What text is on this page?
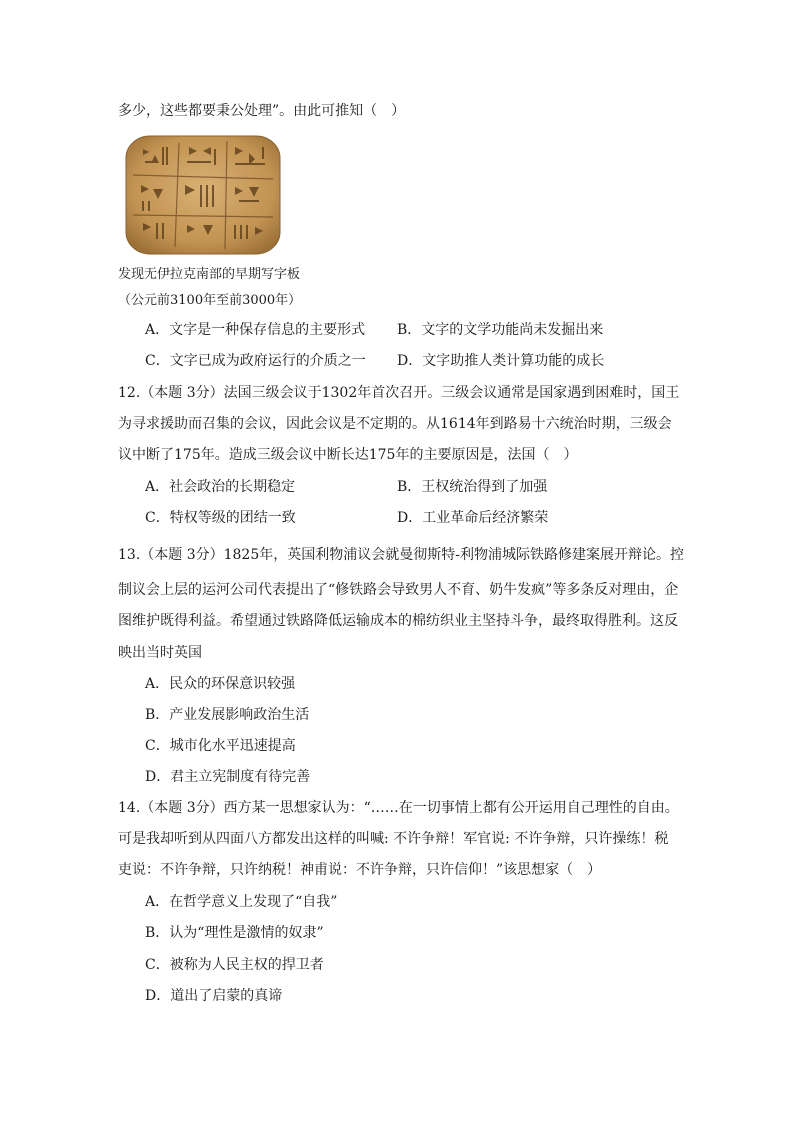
多少，这些都要秉公处理”。由此可推知（　）
发现无伊拉克南部的早期写字板
（公元前3100年至前3000年）
A．文字是一种保存信息的主要形式 B．文字的文学功能尚未发掘出来
C．文字已成为政府运行的介质之一 D．文字助推人类计算功能的成长
12.（本题 3分）法国三级会议于1302年首次召开。三级会议通常是国家遇到困难时，国王
为寻求援助而召集的会议，因此会议是不定期的。从1614年到路易十六统治时期，三级会
议中断了175年。造成三级会议中断长达175年的主要原因是，法国（　）
A．社会政治的长期稳定	B．王权统治得到了加强
C．特权等级的团结一致	D．工业革命后经济繁荣
13.（本题 3分）1825年，英国利物浦议会就曼彻斯特-利物浦城际铁路修建案展开辩论。控
制议会上层的运河公司代表提出了“修铁路会导致男人不育、奶牛发疯”等多条反对理由，企
图维护既得利益。希望通过铁路降低运输成本的棉纺织业主坚持斗争，最终取得胜利。这反
映出当时英国
A．民众的环保意识较强
B．产业发展影响政治生活
C．城市化水平迅速提高
D．君主立宪制度有待完善
14.（本题 3分）西方某一思想家认为：“……在一切事情上都有公开运用自己理性的自由。
可是我却听到从四面八方都发出这样的叫喊: 不许争辩！军官说: 不许争辩，只许操练！税
吏说：不许争辩，只许纳税！神甫说：不许争辩，只许信仰！”该思想家（　）
A．在哲学意义上发现了“自我”
B．认为“理性是激情的奴隶”
C．被称为人民主权的捍卫者
D．道出了启蒙的真谛
